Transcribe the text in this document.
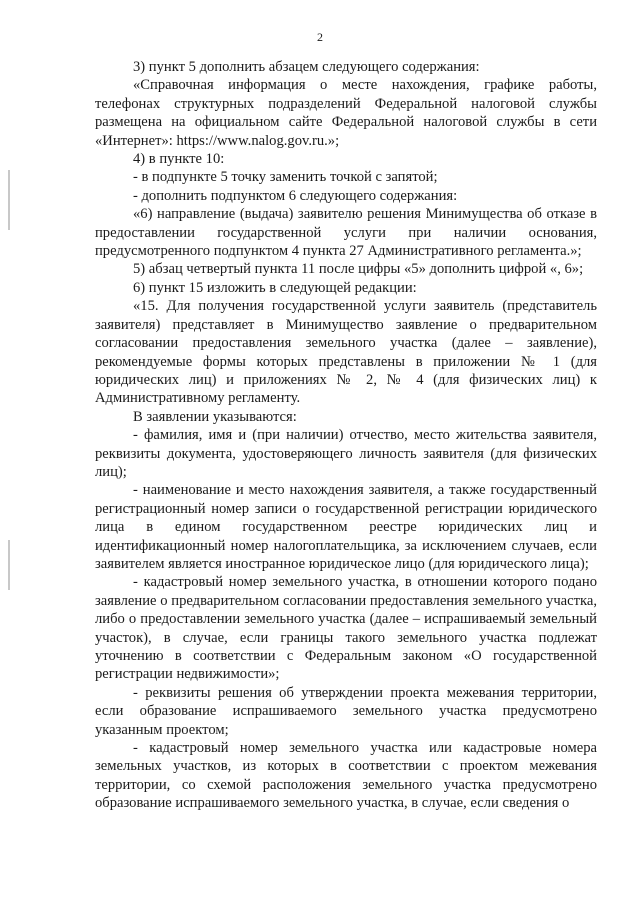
2

3) пункт 5 дополнить абзацем следующего содержания:

«Справочная информация о месте нахождения, графике работы, телефонах структурных подразделений Федеральной налоговой службы размещена на официальном сайте Федеральной налоговой службы в сети «Интернет»: https://www.nalog.gov.ru.»;

4) в пункте 10:

- в подпункте 5 точку заменить точкой с запятой;

- дополнить подпунктом 6 следующего содержания:

«6) направление (выдача) заявителю решения Минимущества об отказе в предоставлении государственной услуги при наличии основания, предусмотренного подпунктом 4 пункта 27 Административного регламента.»;

5) абзац четвертый пункта 11 после цифры «5» дополнить цифрой «, 6»;

6) пункт 15 изложить в следующей редакции:

«15. Для получения государственной услуги заявитель (представитель заявителя) представляет в Минимущество заявление о предварительном согласовании предоставления земельного участка (далее – заявление), рекомендуемые формы которых представлены в приложении № 1 (для юридических лиц) и приложениях № 2, № 4 (для физических лиц) к Административному регламенту.

В заявлении указываются:

- фамилия, имя и (при наличии) отчество, место жительства заявителя, реквизиты документа, удостоверяющего личность заявителя (для физических лиц);

- наименование и место нахождения заявителя, а также государственный регистрационный номер записи о государственной регистрации юридического лица в едином государственном реестре юридических лиц и идентификационный номер налогоплательщика, за исключением случаев, если заявителем является иностранное юридическое лицо (для юридического лица);

- кадастровый номер земельного участка, в отношении которого подано заявление о предварительном согласовании предоставления земельного участка, либо о предоставлении земельного участка (далее – испрашиваемый земельный участок), в случае, если границы такого земельного участка подлежат уточнению в соответствии с Федеральным законом «О государственной регистрации недвижимости»;

- реквизиты решения об утверждении проекта межевания территории, если образование испрашиваемого земельного участка предусмотрено указанным проектом;

- кадастровый номер земельного участка или кадастровые номера земельных участков, из которых в соответствии с проектом межевания территории, со схемой расположения земельного участка предусмотрено образование испрашиваемого земельного участка, в случае, если сведения о
